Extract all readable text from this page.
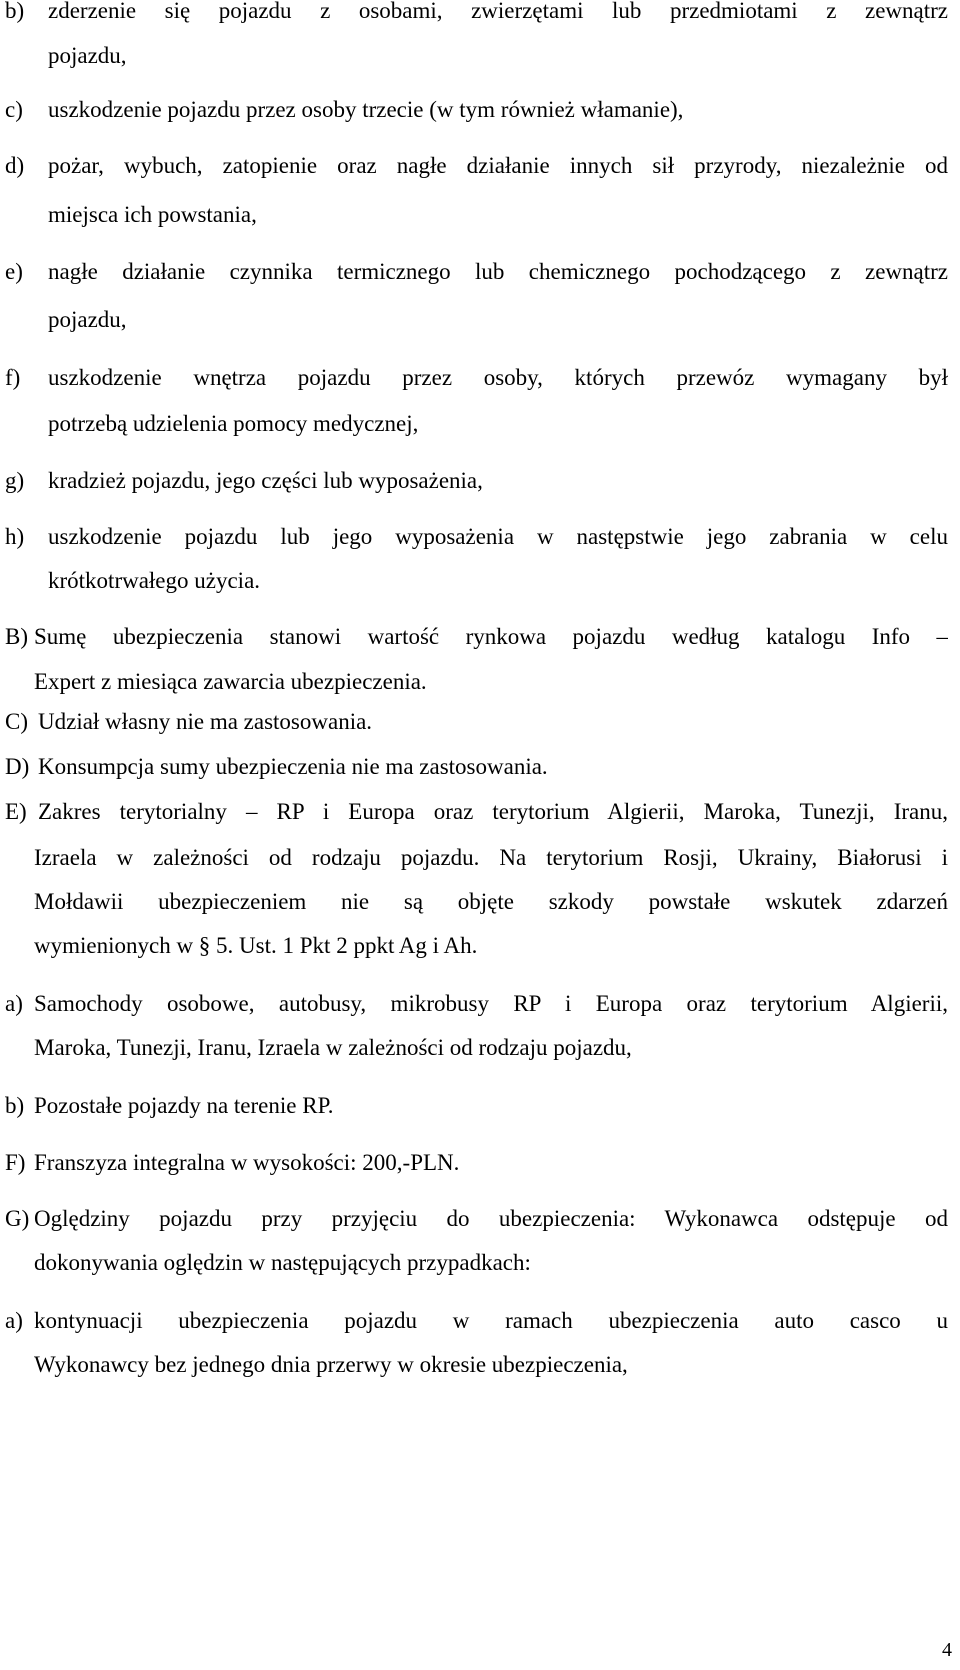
b) zderzenie się pojazdu z osobami, zwierzętami lub przedmiotami z zewnątrz
pojazdu,
c) uszkodzenie pojazdu przez osoby trzecie (w tym również włamanie),
d) pożar, wybuch, zatopienie oraz nagłe działanie innych sił przyrody, niezależnie od
miejsca ich powstania,
e) nagłe działanie czynnika termicznego lub chemicznego pochodzącego z zewnątrz
pojazdu,
f) uszkodzenie wnętrza pojazdu przez osoby, których przewóz wymagany był
potrzebą udzielenia pomocy medycznej,
g) kradzież pojazdu, jego części lub wyposażenia,
h) uszkodzenie pojazdu lub jego wyposażenia w następstwie jego zabrania w celu
krótkotrwałego użycia.
B) Sumę ubezpieczenia stanowi wartość rynkowa pojazdu według katalogu Info –
Expert z miesiąca zawarcia ubezpieczenia.
C) Udział własny nie ma zastosowania.
D) Konsumpcja sumy ubezpieczenia nie ma zastosowania.
E) Zakres terytorialny – RP i Europa oraz terytorium Algierii, Maroka, Tunezji, Iranu,
Izraela w zależności od rodzaju pojazdu. Na terytorium Rosji, Ukrainy, Białorusi i
Mołdawii ubezpieczeniem nie są objęte szkody powstałe wskutek zdarzeń
wymienionych w § 5. Ust. 1 Pkt 2 ppkt Ag i Ah.
a) Samochody osobowe, autobusy, mikrobusy RP i Europa oraz terytorium Algierii,
Maroka, Tunezji, Iranu, Izraela w zależności od rodzaju pojazdu,
b) Pozostałe pojazdy na terenie RP.
F) Franszyza integralna w wysokości: 200,-PLN.
G) Oględziny pojazdu przy przyjęciu do ubezpieczenia: Wykonawca odstępuje od
dokonywania oględzin w następujących przypadkach:
a) kontynuacji ubezpieczenia pojazdu w ramach ubezpieczenia auto casco u
Wykonawcy bez jednego dnia przerwy w okresie ubezpieczenia,
4
